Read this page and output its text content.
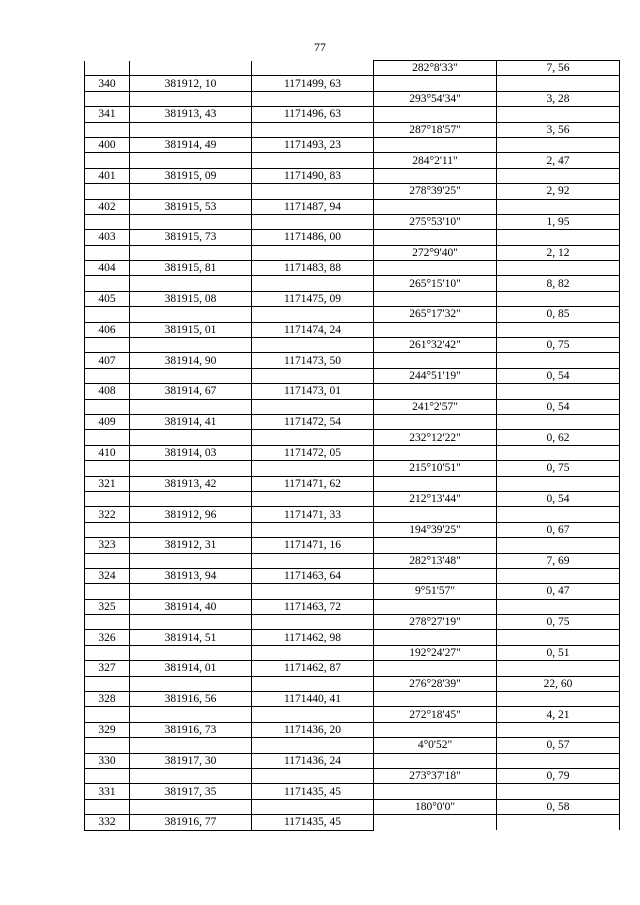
77
			282°8'33"	7, 56
340	381912, 10	1171499, 63		
			293°54'34"	3, 28
341	381913, 43	1171496, 63		
			287°18'57"	3, 56
400	381914, 49	1171493, 23		
			284°2'11"	2, 47
401	381915, 09	1171490, 83		
			278°39'25"	2, 92
402	381915, 53	1171487, 94		
			275°53'10"	1, 95
403	381915, 73	1171486, 00		
			272°9'40"	2, 12
404	381915, 81	1171483, 88		
			265°15'10"	8, 82
405	381915, 08	1171475, 09		
			265°17'32"	0, 85
406	381915, 01	1171474, 24		
			261°32'42"	0, 75
407	381914, 90	1171473, 50		
			244°51'19"	0, 54
408	381914, 67	1171473, 01		
			241°2'57"	0, 54
409	381914, 41	1171472, 54		
			232°12'22"	0, 62
410	381914, 03	1171472, 05		
			215°10'51"	0, 75
321	381913, 42	1171471, 62		
			212°13'44"	0, 54
322	381912, 96	1171471, 33		
			194°39'25"	0, 67
323	381912, 31	1171471, 16		
			282°13'48"	7, 69
324	381913, 94	1171463, 64		
			9°51'57"	0, 47
325	381914, 40	1171463, 72		
			278°27'19"	0, 75
326	381914, 51	1171462, 98		
			192°24'27"	0, 51
327	381914, 01	1171462, 87		
			276°28'39"	22, 60
328	381916, 56	1171440, 41		
			272°18'45"	4, 21
329	381916, 73	1171436, 20		
			4°0'52"	0, 57
330	381917, 30	1171436, 24		
			273°37'18"	0, 79
331	381917, 35	1171435, 45		
			180°0'0"	0, 58
332	381916, 77	1171435, 45		
